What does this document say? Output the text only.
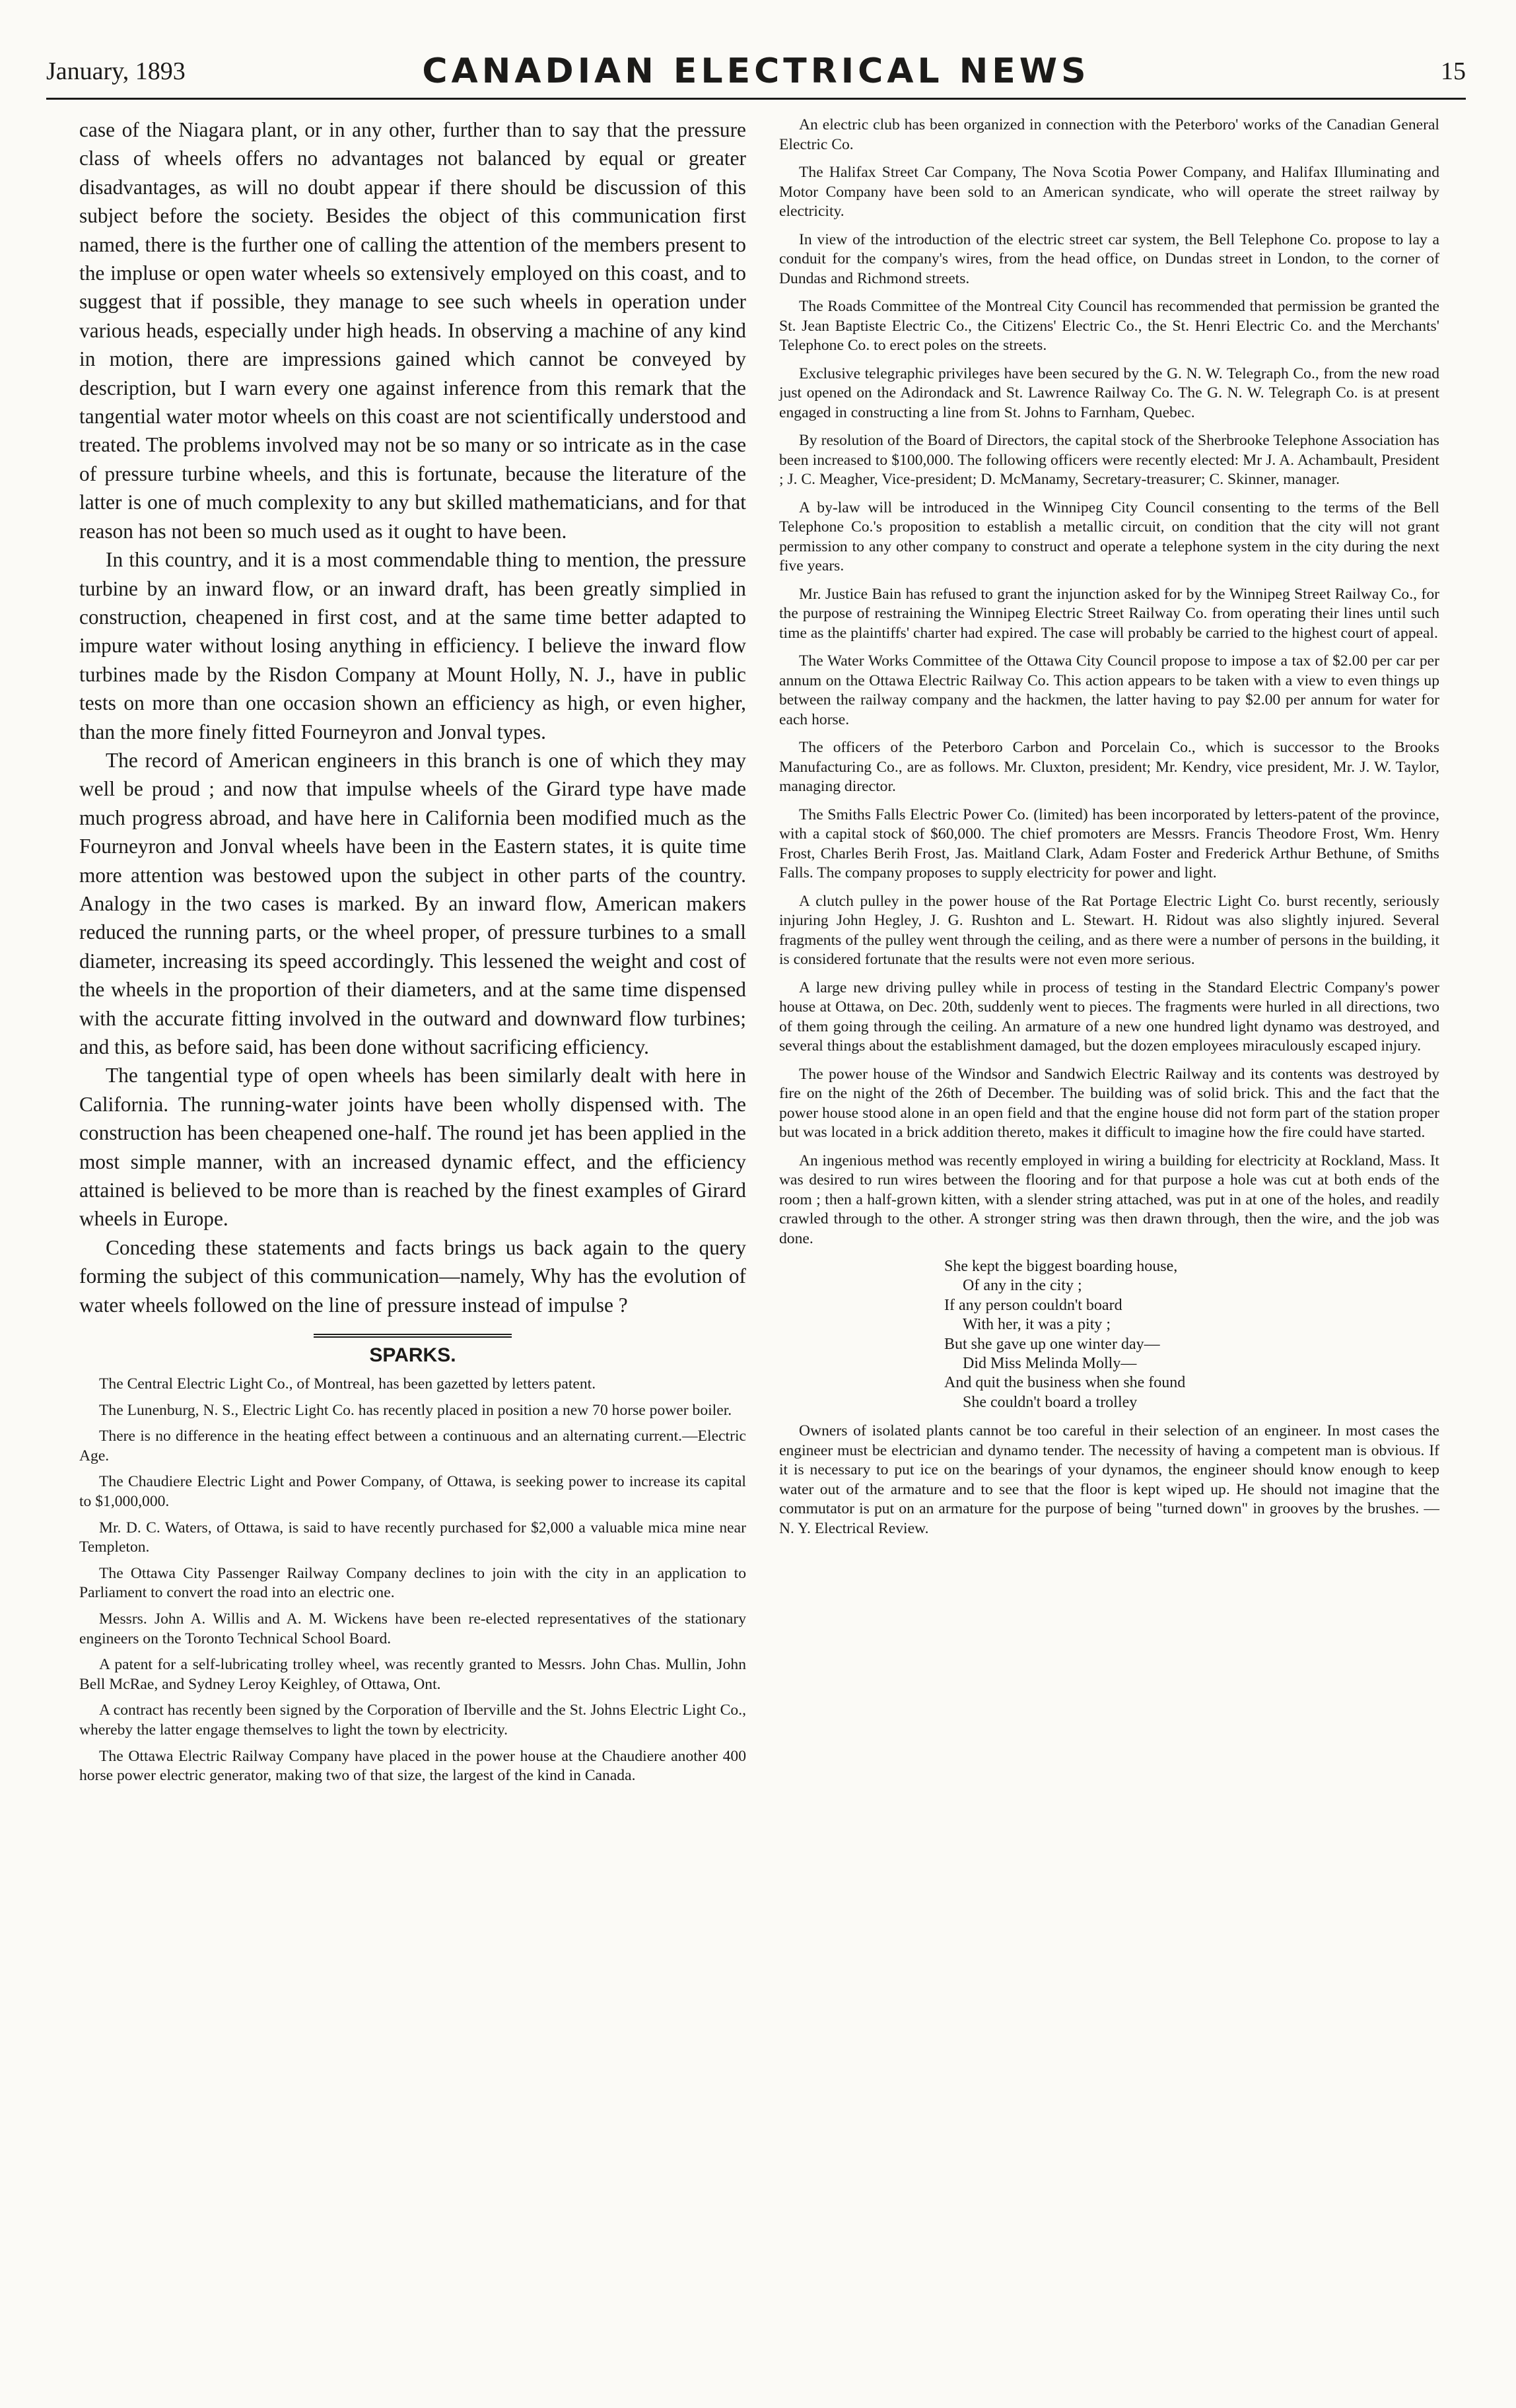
January, 1893	CANADIAN ELECTRICAL NEWS	15

case of the Niagara plant, or in any other, further than to say that the pressure class of wheels offers no advantages not balanced by equal or greater disadvantages, as will no doubt appear if there should be discussion of this subject before the society. Besides the object of this communication first named, there is the further one of calling the attention of the members present to the impluse or open water wheels so extensively employed on this coast, and to suggest that if possible, they manage to see such wheels in operation under various heads, especially under high heads. In observing a machine of any kind in motion, there are impressions gained which cannot be conveyed by description, but I warn every one against inference from this remark that the tangential water motor wheels on this coast are not scientifically understood and treated. The problems involved may not be so many or so intricate as in the case of pressure turbine wheels, and this is fortunate, because the literature of the latter is one of much complexity to any but skilled mathematicians, and for that reason has not been so much used as it ought to have been.

In this country, and it is a most commendable thing to mention, the pressure turbine by an inward flow, or an inward draft, has been greatly simplied in construction, cheapened in first cost, and at the same time better adapted to impure water without losing anything in efficiency. I believe the inward flow turbines made by the Risdon Company at Mount Holly, N. J., have in public tests on more than one occasion shown an efficiency as high, or even higher, than the more finely fitted Fourneyron and Jonval types.

The record of American engineers in this branch is one of which they may well be proud ; and now that impulse wheels of the Girard type have made much progress abroad, and have here in California been modified much as the Fourneyron and Jonval wheels have been in the Eastern states, it is quite time more attention was bestowed upon the subject in other parts of the country. Analogy in the two cases is marked. By an inward flow, American makers reduced the running parts, or the wheel proper, of pressure turbines to a small diameter, increasing its speed accordingly. This lessened the weight and cost of the wheels in the proportion of their diameters, and at the same time dispensed with the accurate fitting involved in the outward and downward flow turbines; and this, as before said, has been done without sacrificing efficiency.

The tangential type of open wheels has been similarly dealt with here in California. The running-water joints have been wholly dispensed with. The construction has been cheapened one-half. The round jet has been applied in the most simple manner, with an increased dynamic effect, and the efficiency attained is believed to be more than is reached by the finest examples of Girard wheels in Europe.

Conceding these statements and facts brings us back again to the query forming the subject of this communication—namely, Why has the evolution of water wheels followed on the line of pressure instead of impulse ?

SPARKS.

The Central Electric Light Co., of Montreal, has been gazetted by letters patent.

The Lunenburg, N. S., Electric Light Co. has recently placed in position a new 70 horse power boiler.

There is no difference in the heating effect between a continuous and an alternating current.—Electric Age.

The Chaudiere Electric Light and Power Company, of Ottawa, is seeking power to increase its capital to $1,000,000.

Mr. D. C. Waters, of Ottawa, is said to have recently purchased for $2,000 a valuable mica mine near Templeton.

The Ottawa City Passenger Railway Company declines to join with the city in an application to Parliament to convert the road into an electric one.

Messrs. John A. Willis and A. M. Wickens have been re-elected representatives of the stationary engineers on the Toronto Technical School Board.

A patent for a self-lubricating trolley wheel, was recently granted to Messrs. John Chas. Mullin, John Bell McRae, and Sydney Leroy Keighley, of Ottawa, Ont.

A contract has recently been signed by the Corporation of Iberville and the St. Johns Electric Light Co., whereby the latter engage themselves to light the town by electricity.

The Ottawa Electric Railway Company have placed in the power house at the Chaudiere another 400 horse power electric generator, making two of that size, the largest of the kind in Canada.

An electric club has been organized in connection with the Peterboro' works of the Canadian General Electric Co.

The Halifax Street Car Company, The Nova Scotia Power Company, and Halifax Illuminating and Motor Company have been sold to an American syndicate, who will operate the street railway by electricity.

In view of the introduction of the electric street car system, the Bell Telephone Co. propose to lay a conduit for the company's wires, from the head office, on Dundas street in London, to the corner of Dundas and Richmond streets.

The Roads Committee of the Montreal City Council has recommended that permission be granted the St. Jean Baptiste Electric Co., the Citizens' Electric Co., the St. Henri Electric Co. and the Merchants' Telephone Co. to erect poles on the streets.

Exclusive telegraphic privileges have been secured by the G. N. W. Telegraph Co., from the new road just opened on the Adirondack and St. Lawrence Railway Co. The G. N. W. Telegraph Co. is at present engaged in constructing a line from St. Johns to Farnham, Quebec.

By resolution of the Board of Directors, the capital stock of the Sherbrooke Telephone Association has been increased to $100,000. The following officers were recently elected: Mr J. A. Achambault, President ; J. C. Meagher, Vice-president; D. McManamy, Secretary-treasurer; C. Skinner, manager.

A by-law will be introduced in the Winnipeg City Council consenting to the terms of the Bell Telephone Co.'s proposition to establish a metallic circuit, on condition that the city will not grant permission to any other company to construct and operate a telephone system in the city during the next five years.

Mr. Justice Bain has refused to grant the injunction asked for by the Winnipeg Street Railway Co., for the purpose of restraining the Winnipeg Electric Street Railway Co. from operating their lines until such time as the plaintiffs' charter had expired. The case will probably be carried to the highest court of appeal.

The Water Works Committee of the Ottawa City Council propose to impose a tax of $2.00 per car per annum on the Ottawa Electric Railway Co. This action appears to be taken with a view to even things up between the railway company and the hackmen, the latter having to pay $2.00 per annum for water for each horse.

The officers of the Peterboro Carbon and Porcelain Co., which is successor to the Brooks Manufacturing Co., are as follows. Mr. Cluxton, president; Mr. Kendry, vice president, Mr. J. W. Taylor, managing director.

The Smiths Falls Electric Power Co. (limited) has been incorporated by letters-patent of the province, with a capital stock of $60,000. The chief promoters are Messrs. Francis Theodore Frost, Wm. Henry Frost, Charles Berih Frost, Jas. Maitland Clark, Adam Foster and Frederick Arthur Bethune, of Smiths Falls. The company proposes to supply electricity for power and light.

A clutch pulley in the power house of the Rat Portage Electric Light Co. burst recently, seriously injuring John Hegley, J. G. Rushton and L. Stewart. H. Ridout was also slightly injured. Several fragments of the pulley went through the ceiling, and as there were a number of persons in the building, it is considered fortunate that the results were not even more serious.

A large new driving pulley while in process of testing in the Standard Electric Company's power house at Ottawa, on Dec. 20th, suddenly went to pieces. The fragments were hurled in all directions, two of them going through the ceiling. An armature of a new one hundred light dynamo was destroyed, and several things about the establishment damaged, but the dozen employees miraculously escaped injury.

The power house of the Windsor and Sandwich Electric Railway and its contents was destroyed by fire on the night of the 26th of December. The building was of solid brick. This and the fact that the power house stood alone in an open field and that the engine house did not form part of the station proper but was located in a brick addition thereto, makes it difficult to imagine how the fire could have started.

An ingenious method was recently employed in wiring a building for electricity at Rockland, Mass. It was desired to run wires between the flooring and for that purpose a hole was cut at both ends of the room ; then a half-grown kitten, with a slender string attached, was put in at one of the holes, and readily crawled through to the other. A stronger string was then drawn through, then the wire, and the job was done.

She kept the biggest boarding house,
Of any in the city ;
If any person couldn't board
With her, it was a pity ;
But she gave up one winter day—
Did Miss Melinda Molly—
And quit the business when she found
She couldn't board a trolley

Owners of isolated plants cannot be too careful in their selection of an engineer. In most cases the engineer must be electrician and dynamo tender. The necessity of having a competent man is obvious. If it is necessary to put ice on the bearings of your dynamos, the engineer should know enough to keep water out of the armature and to see that the floor is kept wiped up. He should not imagine that the commutator is put on an armature for the purpose of being "turned down" in grooves by the brushes. —N. Y. Electrical Review.
